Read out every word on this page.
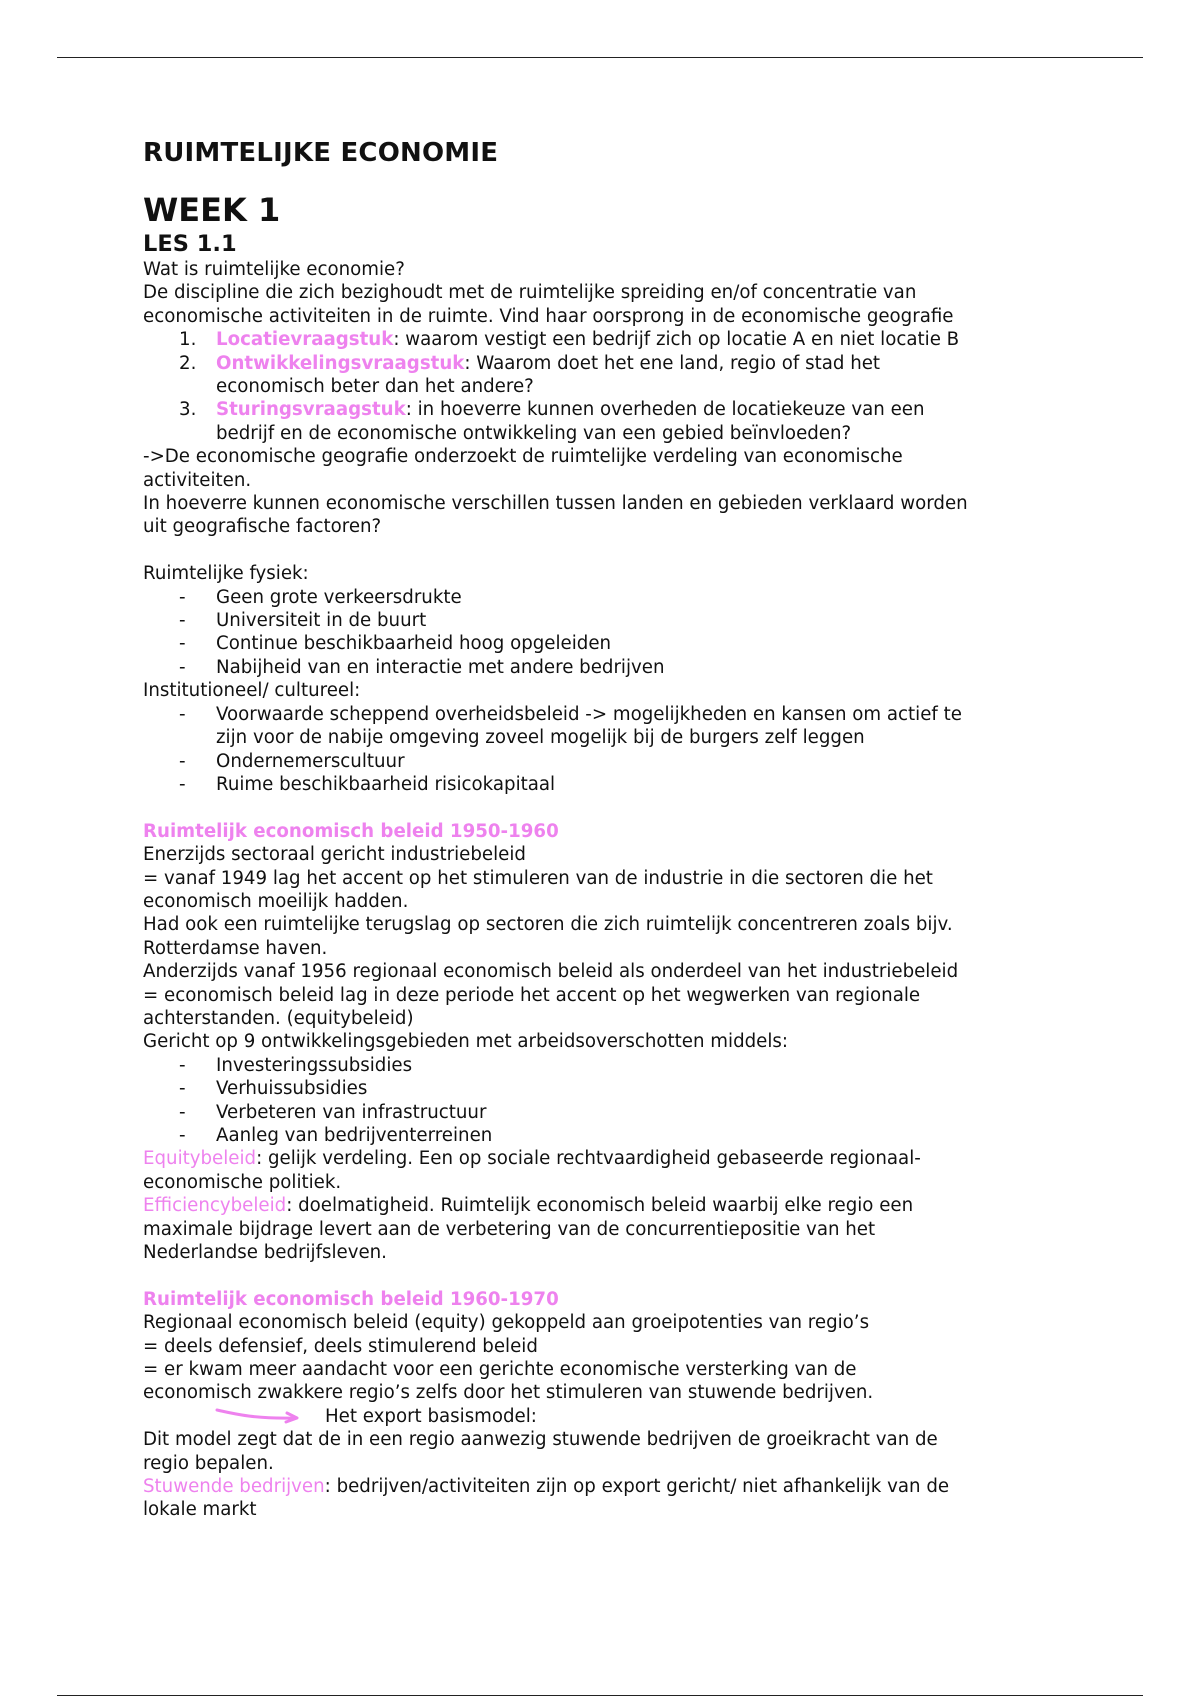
RUIMTELIJKE ECONOMIE
WEEK 1
LES 1.1

Wat is ruimtelijke economie?

De discipline die zich bezighoudt met de ruimtelijke spreiding en/of concentratie van

economische activiteiten in de ruimte. Vind haar oorsprong in de economische geografie

1. Locatievraagstuk: waarom vestigt een bedrijf zich op locatie A en niet locatie B
2. Ontwikkelingsvraagstuk: Waarom doet het ene land, regio of stad het
economisch beter dan het andere?
3. Sturingsvraagstuk: in hoeverre kunnen overheden de locatiekeuze van een
bedrijf en de economische ontwikkeling van een gebied beïnvloeden?

->De economische geografie onderzoekt de ruimtelijke verdeling van economische

activiteiten.

In hoeverre kunnen economische verschillen tussen landen en gebieden verklaard worden

uit geografische factoren?

Ruimtelijke fysiek:

- Geen grote verkeersdrukte
- Universiteit in de buurt
- Continue beschikbaarheid hoog opgeleiden
- Nabijheid van en interactie met andere bedrijven

Institutioneel/ cultureel:

- Voorwaarde scheppend overheidsbeleid -> mogelijkheden en kansen om actief te
zijn voor de nabije omgeving zoveel mogelijk bij de burgers zelf leggen
- Ondernemerscultuur
- Ruime beschikbaarheid risicokapitaal
Ruimtelijk economisch beleid 1950-1960

Enerzijds sectoraal gericht industriebeleid

= vanaf 1949 lag het accent op het stimuleren van de industrie in die sectoren die het

economisch moeilijk hadden.

Had ook een ruimtelijke terugslag op sectoren die zich ruimtelijk concentreren zoals bijv.

Rotterdamse haven.

Anderzijds vanaf 1956 regionaal economisch beleid als onderdeel van het industriebeleid

= economisch beleid lag in deze periode het accent op het wegwerken van regionale

achterstanden. (equitybeleid)

Gericht op 9 ontwikkelingsgebieden met arbeidsoverschotten middels:

- Investeringssubsidies
- Verhuissubsidies
- Verbeteren van infrastructuur
- Aanleg van bedrijventerreinen

Equitybeleid: gelijk verdeling. Een op sociale rechtvaardigheid gebaseerde regionaal-

economische politiek.

Efficiencybeleid: doelmatigheid. Ruimtelijk economisch beleid waarbij elke regio een

maximale bijdrage levert aan de verbetering van de concurrentiepositie van het

Nederlandse bedrijfsleven.

Ruimtelijk economisch beleid 1960-1970

Regionaal economisch beleid (equity) gekoppeld aan groeipotenties van regio’s

= deels defensief, deels stimulerend beleid

= er kwam meer aandacht voor een gerichte economische versterking van de

economisch zwakkere regio’s zelfs door het stimuleren van stuwende bedrijven.

Het export basismodel:

Dit model zegt dat de in een regio aanwezig stuwende bedrijven de groeikracht van de

regio bepalen.

Stuwende bedrijven: bedrijven/activiteiten zijn op export gericht/ niet afhankelijk van de

lokale markt
